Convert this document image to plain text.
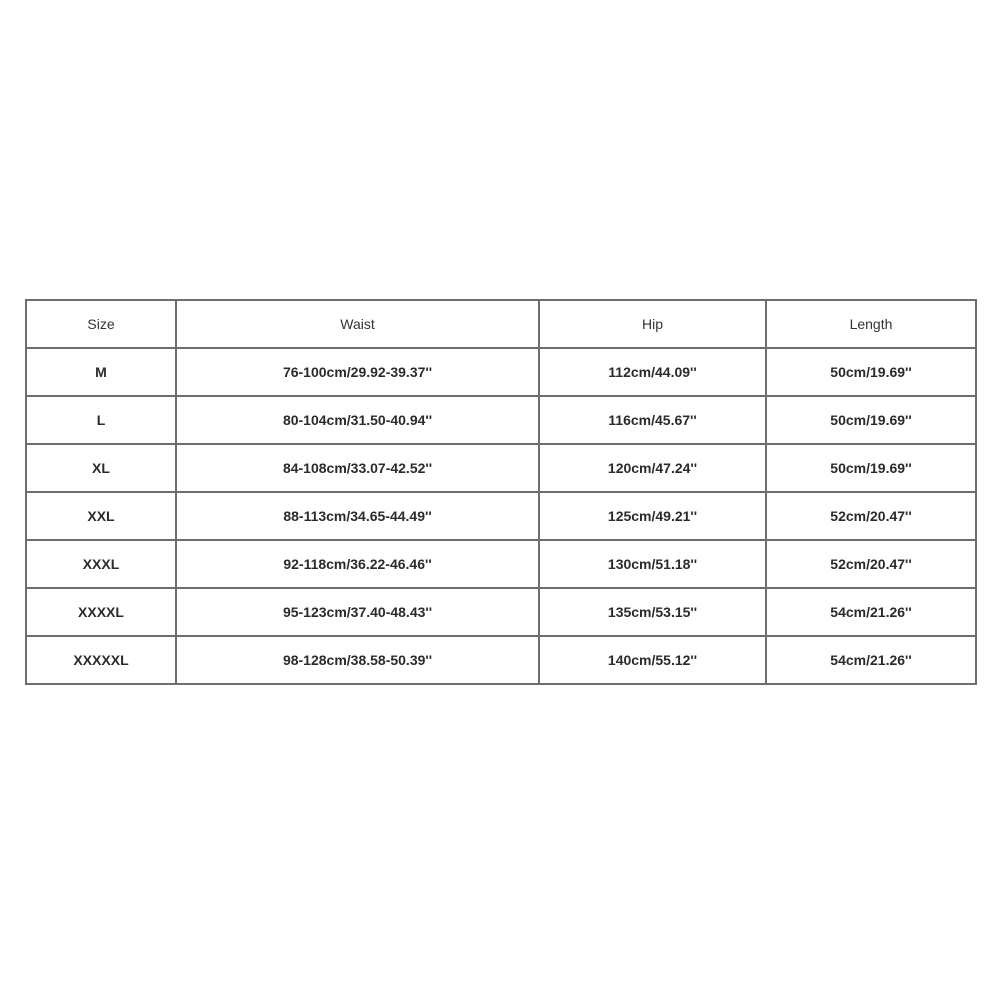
Size	Waist	Hip	Length
M	76-100cm/29.92-39.37''	112cm/44.09''	50cm/19.69''
L	80-104cm/31.50-40.94''	116cm/45.67''	50cm/19.69''
XL	84-108cm/33.07-42.52''	120cm/47.24''	50cm/19.69''
XXL	88-113cm/34.65-44.49''	125cm/49.21''	52cm/20.47''
XXXL	92-118cm/36.22-46.46''	130cm/51.18''	52cm/20.47''
XXXXL	95-123cm/37.40-48.43''	135cm/53.15''	54cm/21.26''
XXXXXL	98-128cm/38.58-50.39''	140cm/55.12''	54cm/21.26''
